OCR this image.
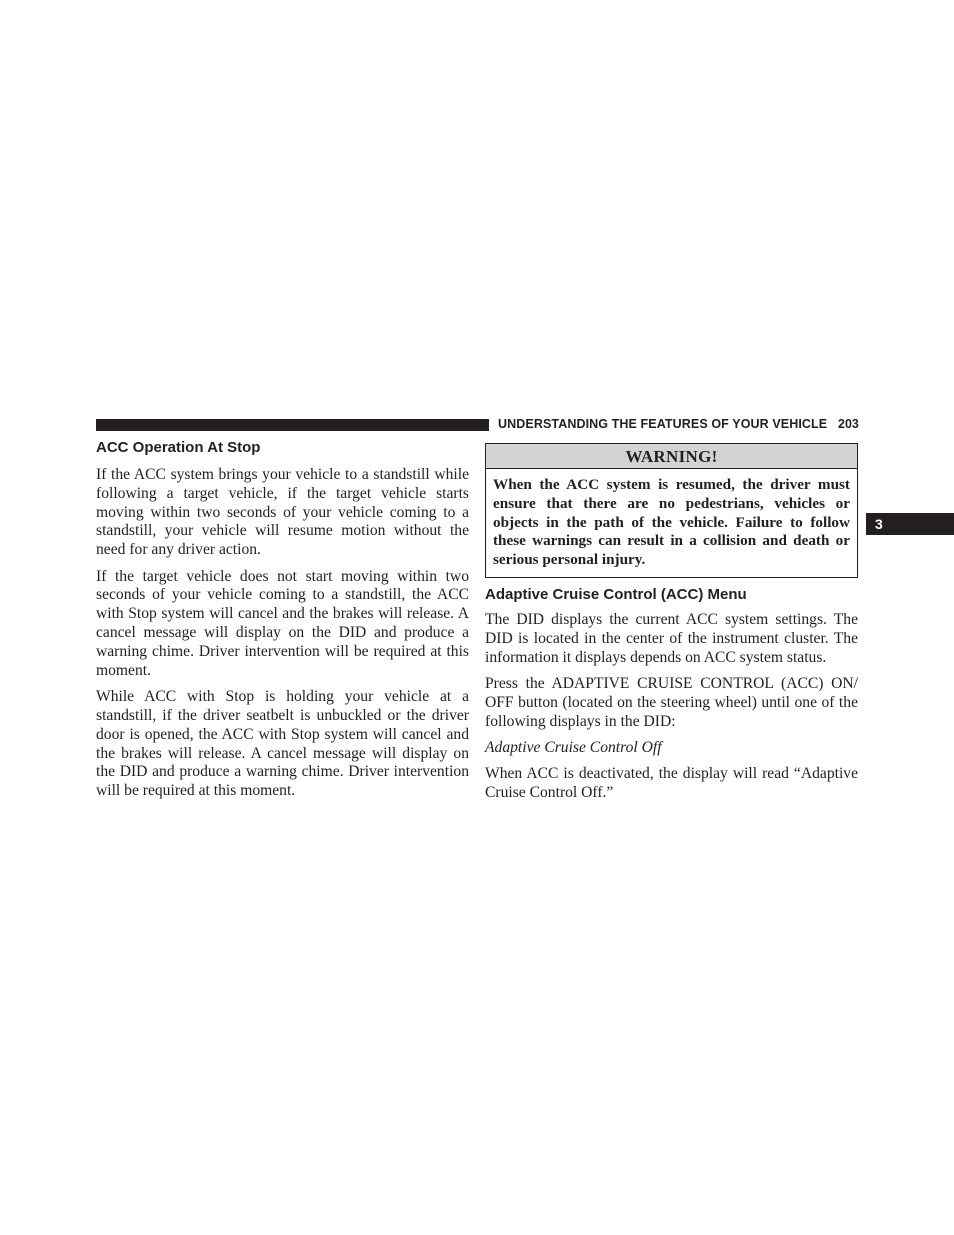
UNDERSTANDING THE FEATURES OF YOUR VEHICLE 203
3
ACC Operation At Stop

If the ACC system brings your vehicle to a standstill while following a target vehicle, if the target vehicle starts moving within two seconds of your vehicle coming to a standstill, your vehicle will resume motion without the need for any driver action.

If the target vehicle does not start moving within two seconds of your vehicle coming to a standstill, the ACC with Stop system will cancel and the brakes will release. A cancel message will display on the DID and produce a warning chime. Driver intervention will be required at this moment.

While ACC with Stop is holding your vehicle at a standstill, if the driver seatbelt is unbuckled or the driver door is opened, the ACC with Stop system will cancel and the brakes will release. A cancel message will display on the DID and produce a warning chime. Driver intervention will be required at this moment.

WARNING!
When the ACC system is resumed, the driver must ensure that there are no pedestrians, vehicles or objects in the path of the vehicle. Failure to follow these warnings can result in a collision and death or serious personal injury.
Adaptive Cruise Control (ACC) Menu

The DID displays the current ACC system settings. The DID is located in the center of the instrument cluster. The information it displays depends on ACC system status.

Press the ADAPTIVE CRUISE CONTROL (ACC) ON/ OFF button (located on the steering wheel) until one of the following displays in the DID:

Adaptive Cruise Control Off

When ACC is deactivated, the display will read “Adaptive Cruise Control Off.”
